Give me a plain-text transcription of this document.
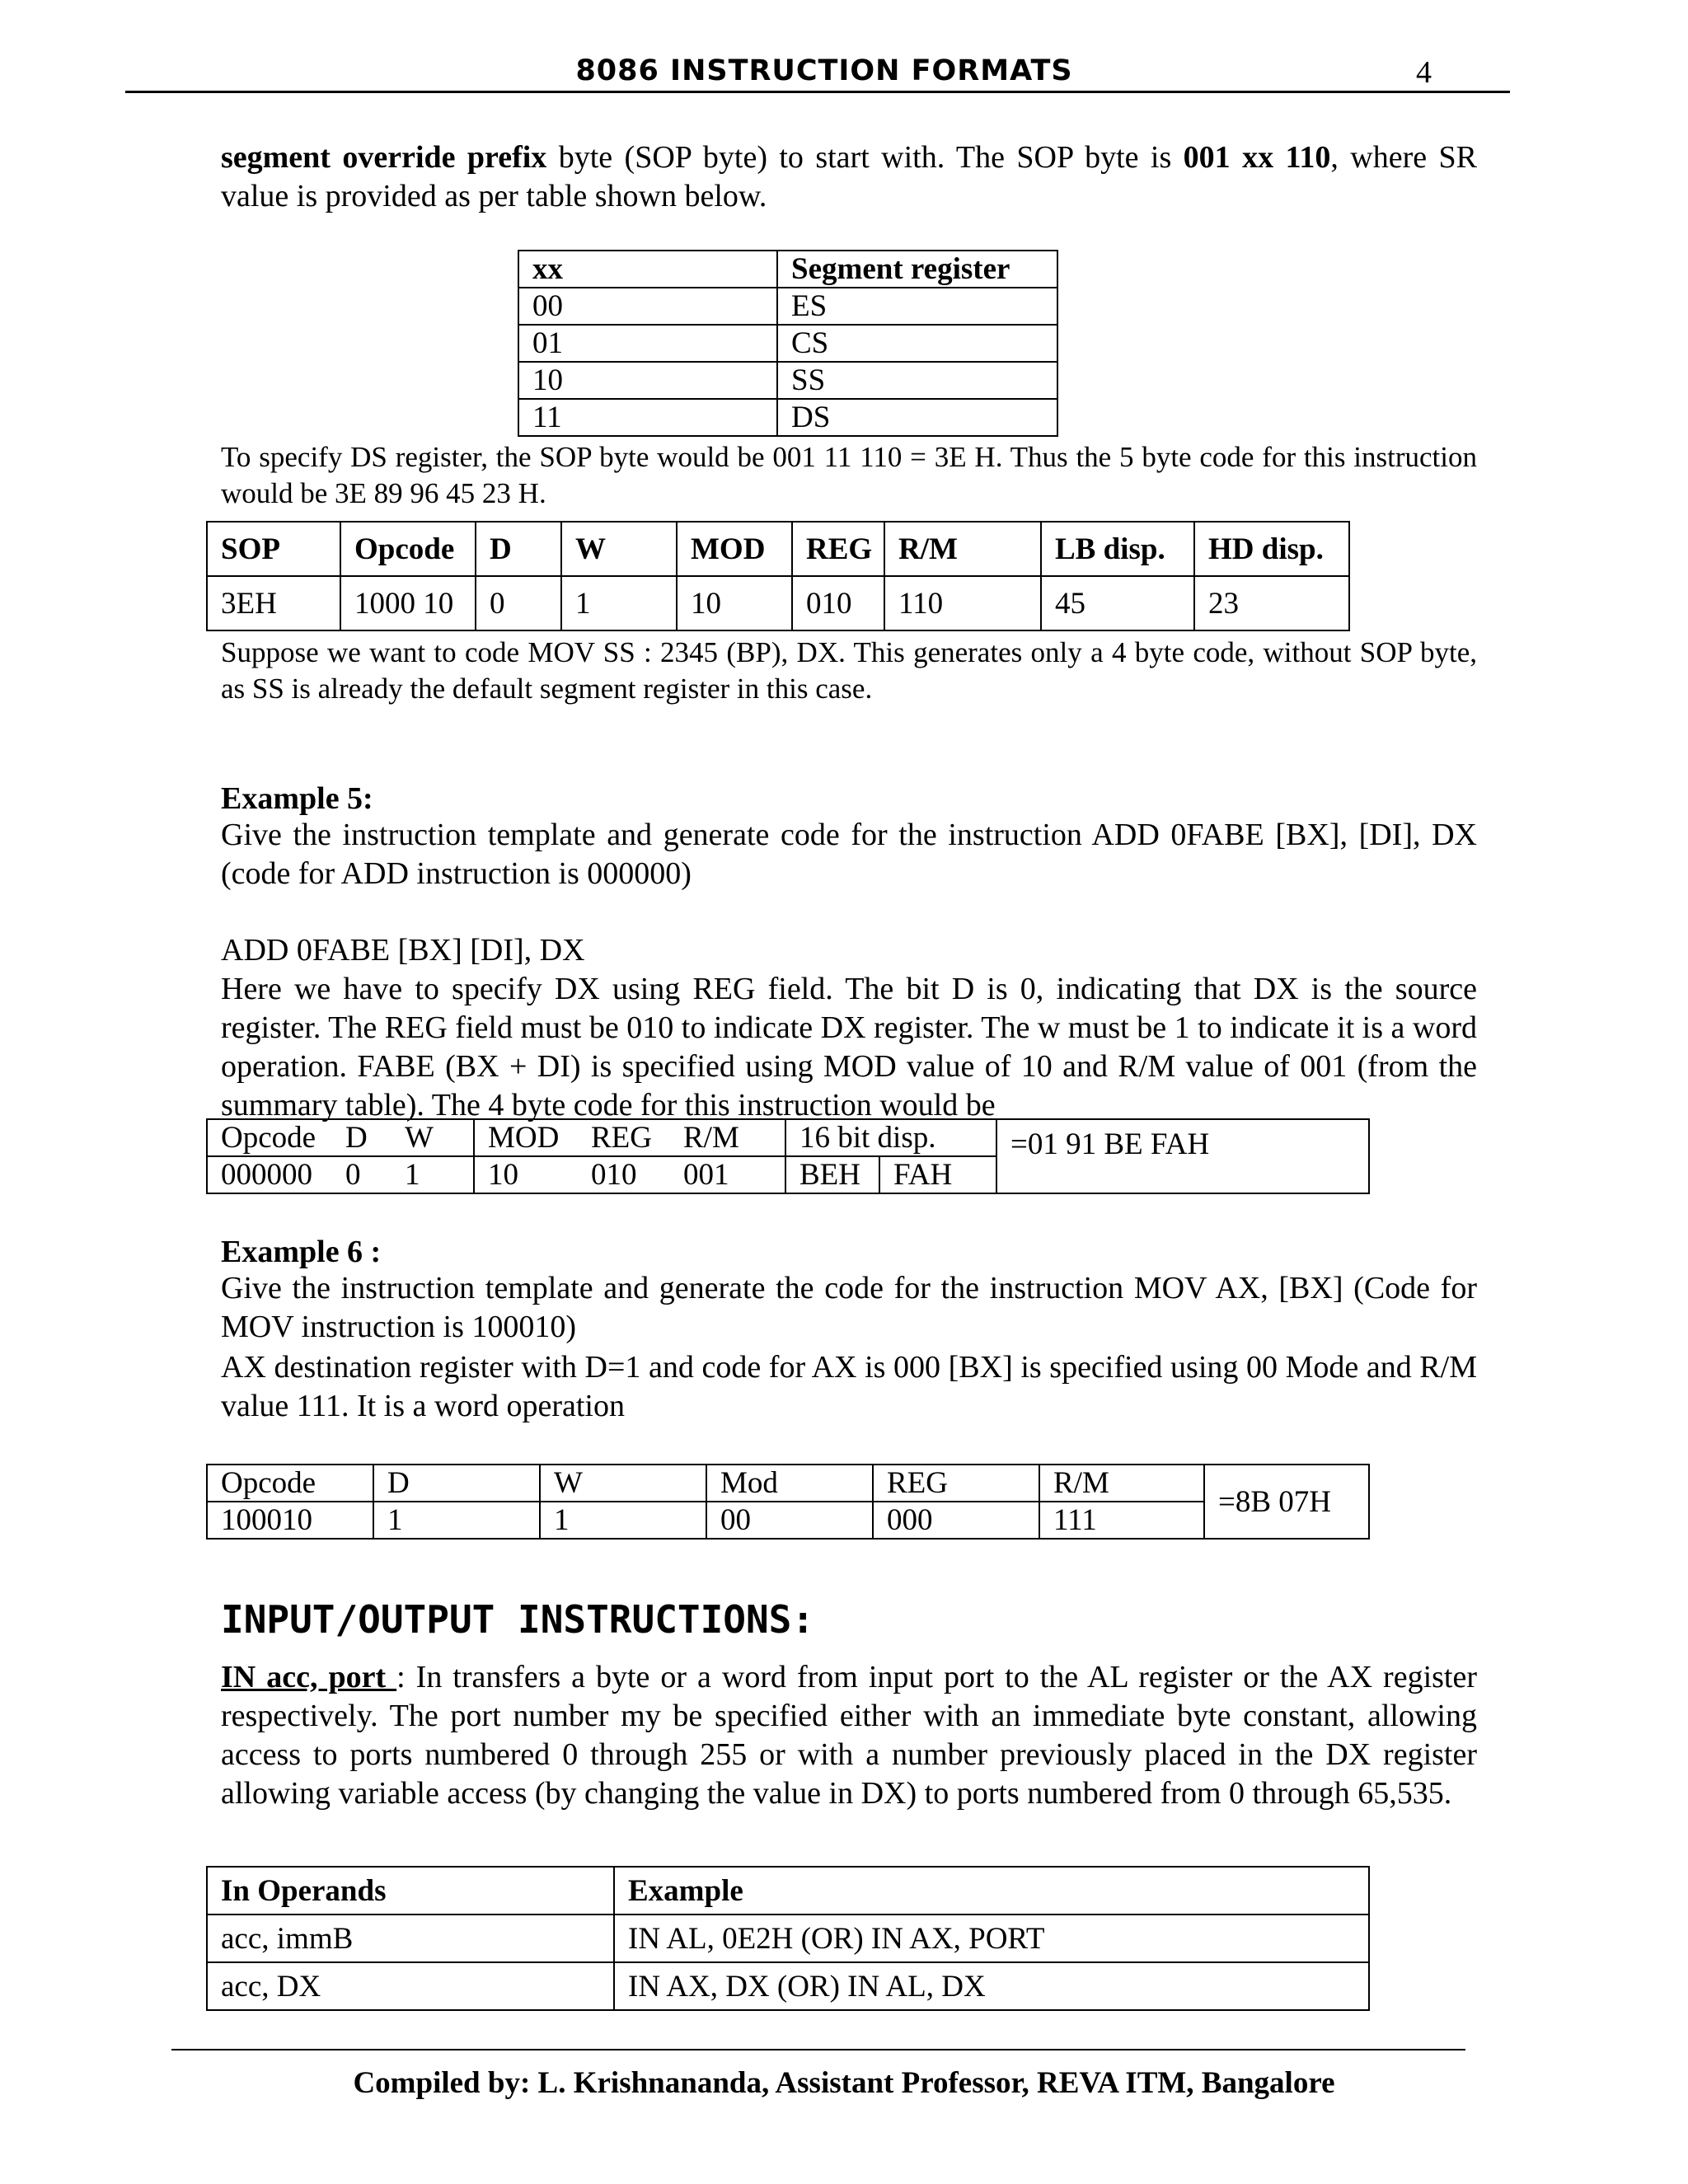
8086 INSTRUCTION FORMATS	4
segment override prefix byte (SOP byte) to start with. The SOP byte is 001 xx 110, where SR value is provided as per table shown below.
xx	Segment register
00	ES
01	CS
10	SS
11	DS
To specify DS register, the SOP byte would be 001 11 110 = 3E H. Thus the 5 byte code for this instruction would be 3E 89 96 45 23 H.
SOP	Opcode	D	W	MOD	REG	R/M	LB disp.	HD disp.
3EH	1000 10	0	1	10	010	110	45	23
Suppose we want to code MOV SS : 2345 (BP), DX. This generates only a 4 byte code, without SOP byte, as SS is already the default segment register in this case.
Example 5:
Give the instruction template and generate code for the instruction ADD 0FABE [BX], [DI], DX (code for ADD instruction is 000000)
ADD 0FABE [BX] [DI], DX
Here we have to specify DX using REG field. The bit D is 0, indicating that DX is the source register. The REG field must be 010 to indicate DX register. The w must be 1 to indicate it is a word operation. FABE (BX + DI) is specified using MOD value of 10 and R/M value of 001 (from the summary table). The 4 byte code for this instruction would be
Opcode	D	W	MOD	REG	R/M	16 bit disp.		=01 91 BE FAH
000000	0	1	10	010	001	BEH	FAH	
Example 6 :
Give the instruction template and generate the code for the instruction MOV AX, [BX] (Code for MOV instruction is 100010)
AX destination register with D=1 and code for AX is 000 [BX] is specified using 00 Mode and R/M value 111. It is a word operation
Opcode	D	W	Mod	REG	R/M	=8B 07H
100010	1	1	00	000	111	
INPUT/OUTPUT INSTRUCTIONS:
IN acc, port : In transfers a byte or a word from input port to the AL register or the AX register respectively. The port number my be specified either with an immediate byte constant, allowing access to ports numbered 0 through 255 or with a number previously placed in the DX register allowing variable access (by changing the value in DX) to ports numbered from 0 through 65,535.
In Operands	Example
acc, immB	IN AL, 0E2H (OR) IN AX, PORT
acc, DX	IN AX, DX (OR) IN AL, DX
Compiled by: L. Krishnananda, Assistant Professor, REVA ITM, Bangalore
